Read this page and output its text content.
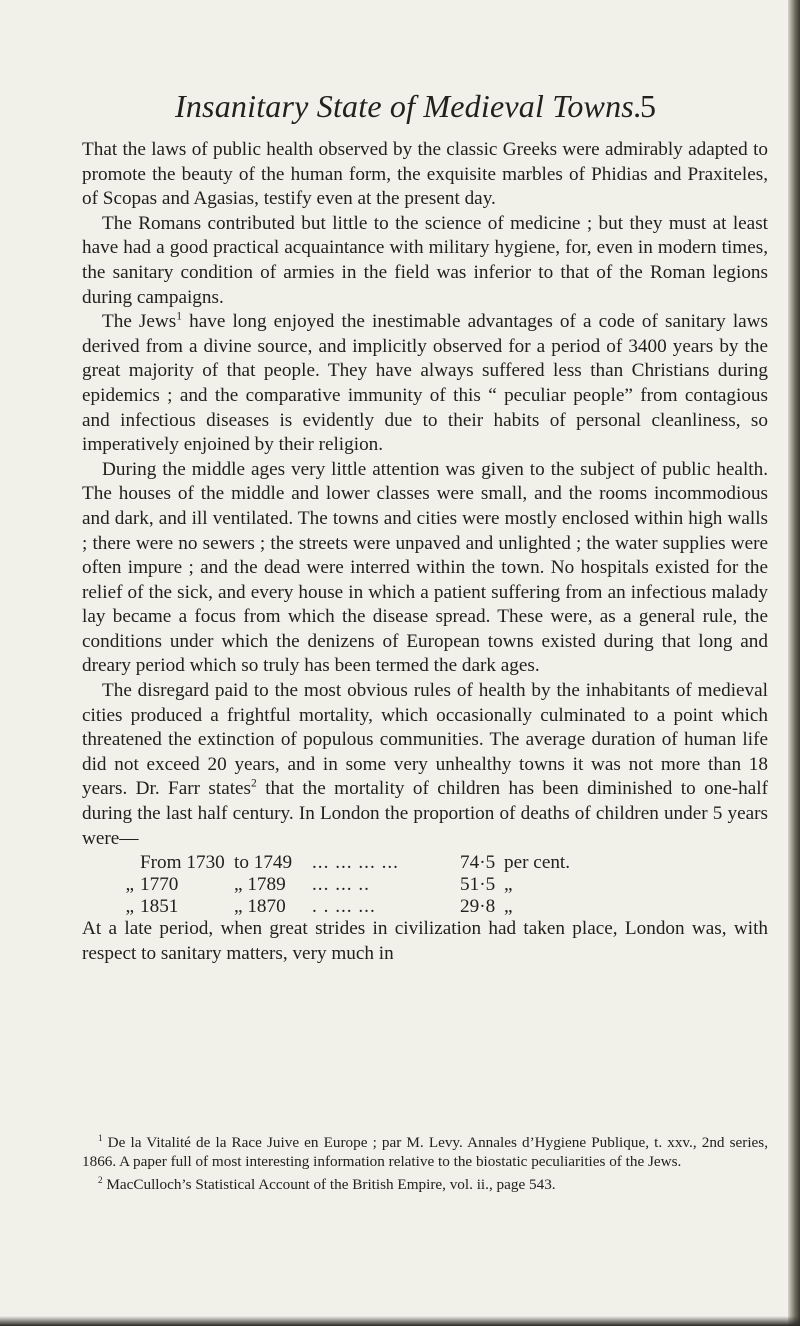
Insanitary State of Medieval Towns.
5

That the laws of public health observed by the classic Greeks were admirably adapted to promote the beauty of the human form, the exquisite marbles of Phidias and Praxiteles, of Scopas and Agasias, testify even at the present day.

The Romans contributed but little to the science of medicine ; but they must at least have had a good practical acquaintance with military hygiene, for, even in modern times, the sanitary condition of armies in the field was inferior to that of the Roman legions during campaigns.

The Jews$^1$ have long enjoyed the inestimable advantages of a code of sanitary laws derived from a divine source, and implicitly observed for a period of 3400 years by the great majority of that people. They have always suffered less than Christians during epidemics ; and the comparative immunity of this “ peculiar people” from contagious and infectious diseases is evidently due to their habits of personal cleanliness, so imperatively enjoined by their religion.

During the middle ages very little attention was given to the subject of public health. The houses of the middle and lower classes were small, and the rooms incommodious and dark, and ill ventilated. The towns and cities were mostly enclosed within high walls ; there were no sewers ; the streets were unpaved and unlighted ; the water supplies were often impure ; and the dead were interred within the town. No hospitals existed for the relief of the sick, and every house in which a patient suffering from an infectious malady lay became a focus from which the disease spread. These were, as a general rule, the conditions under which the denizens of European towns existed during that long and dreary period which so truly has been termed the dark ages.

The disregard paid to the most obvious rules of health by the inhabitants of medieval cities produced a frightful mortality, which occasionally culminated to a point which threatened the extinction of populous communities. The average duration of human life did not exceed 20 years, and in some very unhealthy towns it was not more than 18 years. Dr. Farr states$^2$ that the mortality of children has been diminished to one-half during the last half century. In London the proportion of deaths of children under 5 years were—

From 1730 to 1749 ... ... ... ...	74·5 per cent.
„ 1770	„ 1789 ... ... ..	51·5 „
„ 1851	„ 1870 . . ... ...	29·8 „

At a late period, when great strides in civilization had taken place, London was, with respect to sanitary matters, very much in

$^1$ De la Vitalité de la Race Juive en Europe ; par M. Levy. Annales d’Hygiene Publique, t. xxv., 2nd series, 1866. A paper full of most interesting information relative to the biostatic peculiarities of the Jews.

$^2$ MacCulloch’s Statistical Account of the British Empire, vol. ii., page 543.
